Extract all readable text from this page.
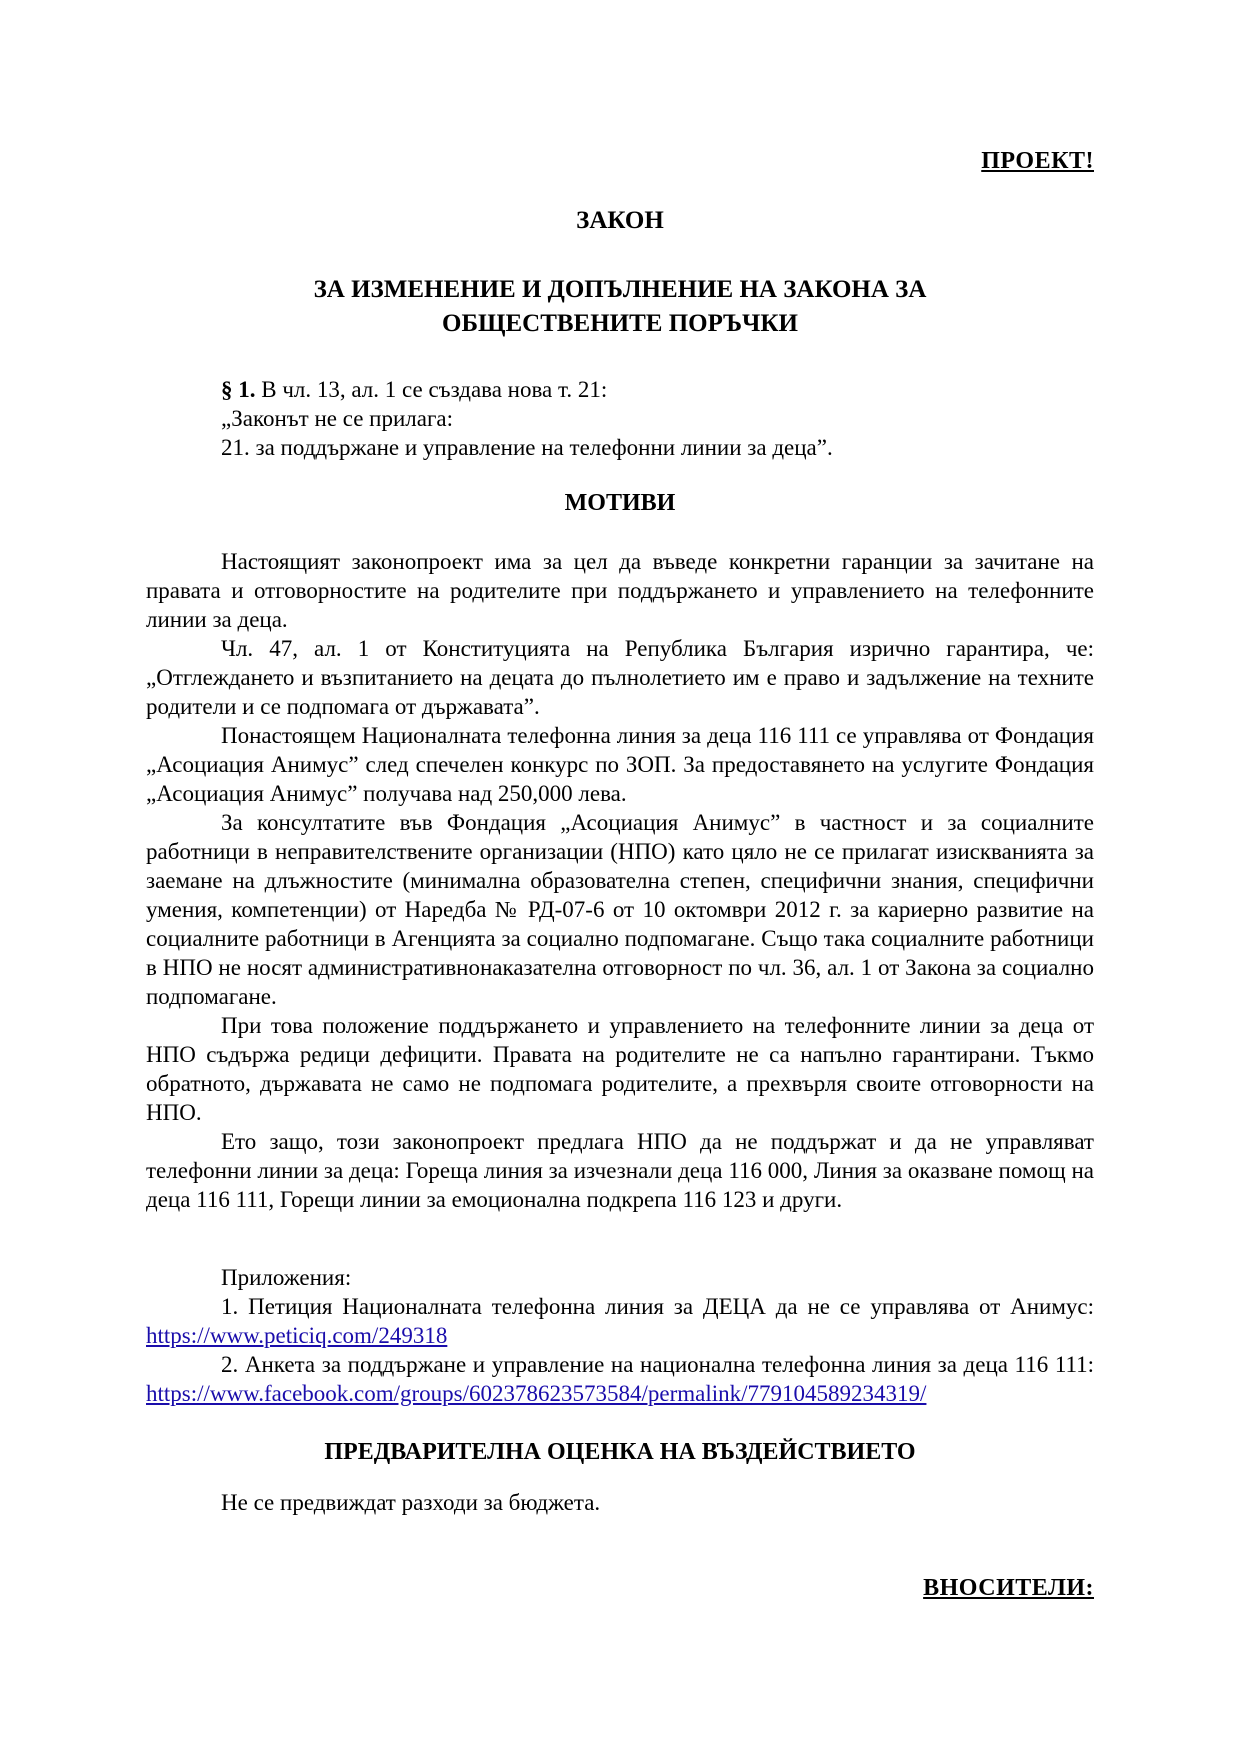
ПРОЕКТ!
ЗАКОН
ЗА ИЗМЕНЕНИЕ И ДОПЪЛНЕНИЕ НА ЗАКОНА ЗА
ОБЩЕСТВЕНИТЕ ПОРЪЧКИ
§ 1. В чл. 13, ал. 1 се създава нова т. 21:
„Законът не се прилага:
21. за поддържане и управление на телефонни линии за деца”.
МОТИВИ

Настоящият законопроект има за цел да въведе конкретни гаранции за зачитане на правата и отговорностите на родителите при поддържането и управлението на телефонните линии за деца.

Чл. 47, ал. 1 от Конституцията на Република България изрично гарантира, че: „Отглеждането и възпитанието на децата до пълнолетието им е право и задължение на техните родители и се подпомага от държавата”.

Понастоящем Националната телефонна линия за деца 116 111 се управлява от Фондация „Асоциация Анимус” след спечелен конкурс по ЗОП. За предоставянето на услугите Фондация „Асоциация Анимус” получава над 250,000 лева.

За консултатите във Фондация „Асоциация Анимус” в частност и за социалните работници в неправителствените организации (НПО) като цяло не се прилагат изискванията за заемане на длъжностите (минимална образователна степен, специфични знания, специфични умения, компетенции) от Наредба № РД-07-6 от 10 октомври 2012 г. за кариерно развитие на социалните работници в Агенцията за социално подпомагане. Също така социалните работници в НПО не носят административнонаказателна отговорност по чл. 36, ал. 1 от Закона за социално подпомагане.

При това положение поддържането и управлението на телефонните линии за деца от НПО съдържа редици дефицити. Правата на родителите не са напълно гарантирани. Тъкмо обратното, държавата не само не подпомага родителите, а прехвърля своите отговорности на НПО.

Ето защо, този законопроект предлага НПО да не поддържат и да не управляват телефонни линии за деца: Гореща линия за изчезнали деца 116 000, Линия за оказване помощ на деца 116 111, Горещи линии за емоционална подкрепа 116 123 и други.

Приложения:

1. Петиция Националната телефонна линия за ДЕЦА да не се управлява от Анимус: https://www.peticiq.com/249318

2. Анкета за поддържане и управление на национална телефонна линия за деца 116 111: https://www.facebook.com/groups/602378623573584/permalink/779104589234319/

ПРЕДВАРИТЕЛНА ОЦЕНКА НА ВЪЗДЕЙСТВИЕТО
Не се предвиждат разходи за бюджета.
ВНОСИТЕЛИ:
